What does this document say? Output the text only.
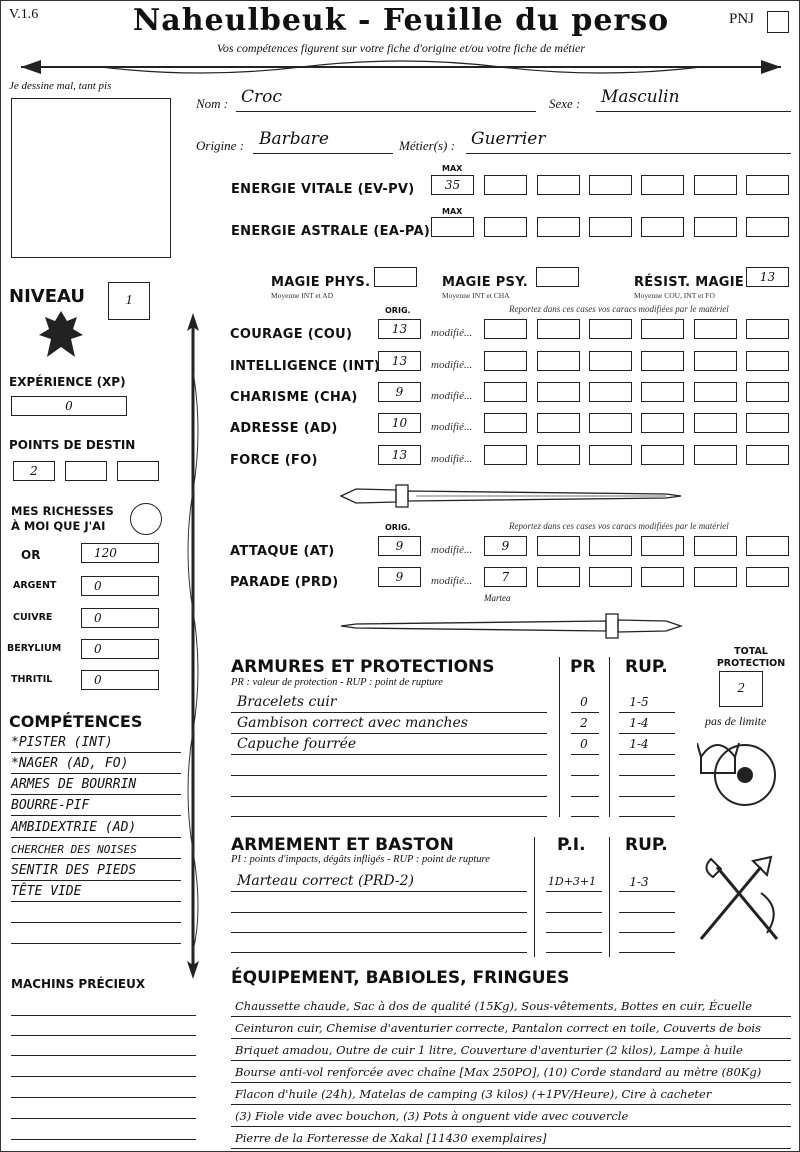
V.1.6	Naheulbeuk - Feuille du perso
Vos compétences figurent sur votre fiche d'origine et/ou votre fiche de métier
PNJ
Je dessine mal, tant pis
Nom : Croc	Sexe : Masculin
Origine : Barbare	Métier(s) : Guerrier
MAX
ENERGIE VITALE (EV-PV)	35
MAX
ENERGIE ASTRALE (EA-PA)
MAGIE PHYS.
Moyenne INT et AD
MAGIE PSY.
Moyenne INT et CHA
RÉSIST. MAGIE
Moyenne COU, INT et FO
13
ORIG.	Reportez dans ces cases vos caracs modifiées par le matériel
COURAGE (COU)	13	modifié...
INTELLIGENCE (INT) 13	modifié...
CHARISME (CHA)	9	modifié...
ADRESSE (AD)	10	modifié...
FORCE (FO)	13	modifié...
ORIG.	Reportez dans ces cases vos caracs modifiées par le matériel
ATTAQUE (AT)	9	modifié...	9
PARADE (PRD)	9	modifié...	7
Martea
NIVEAU	1
EXPÉRIENCE (XP)
0
POINTS DE DESTIN
2
MES RICHESSES
À MOI QUE J'AI
OR	120
ARGENT	0
CUIVRE	0
BERYLIUM	0
THRITIL	0
COMPÉTENCES
*PISTER (INT)
*NAGER (AD, FO)
ARMES DE BOURRIN
BOURRE-PIF
AMBIDEXTRIE (AD)
CHERCHER DES NOISES
SENTIR DES PIEDS
TÊTE VIDE
MACHINS PRÉCIEUX
ARMURES ET PROTECTIONS
PR : valeur de protection - RUP : point de rupture
PR RUP.
Bracelets cuir	0	1-5
Gambison correct avec manches	2	1-4
Capuche fourrée	0	1-4
TOTAL
PROTECTION
2
pas de limite
ARMEMENT ET BASTON
PI : points d'impacts, dégâts infligés - RUP : point de rupture
P.I. RUP.
Marteau correct (PRD-2)	1D+3+1	1-3
ÉQUIPEMENT, BABIOLES, FRINGUES
Chaussette chaude, Sac à dos de qualité (15Kg), Sous-vêtements, Bottes en cuir, Écuelle
Ceinturon cuir, Chemise d'aventurier correcte, Pantalon correct en toile, Couverts de bois
Briquet amadou, Outre de cuir 1 litre, Couverture d'aventurier (2 kilos), Lampe à huile
Bourse anti-vol renforcée avec chaîne [Max 250PO], (10) Corde standard au mètre (80Kg)
Flacon d'huile (24h), Matelas de camping (3 kilos) (+1PV/Heure), Cire à cacheter
(3) Fiole vide avec bouchon, (3) Pots à onguent vide avec couvercle
Pierre de la Forteresse de Xakal [11430 exemplaires]
